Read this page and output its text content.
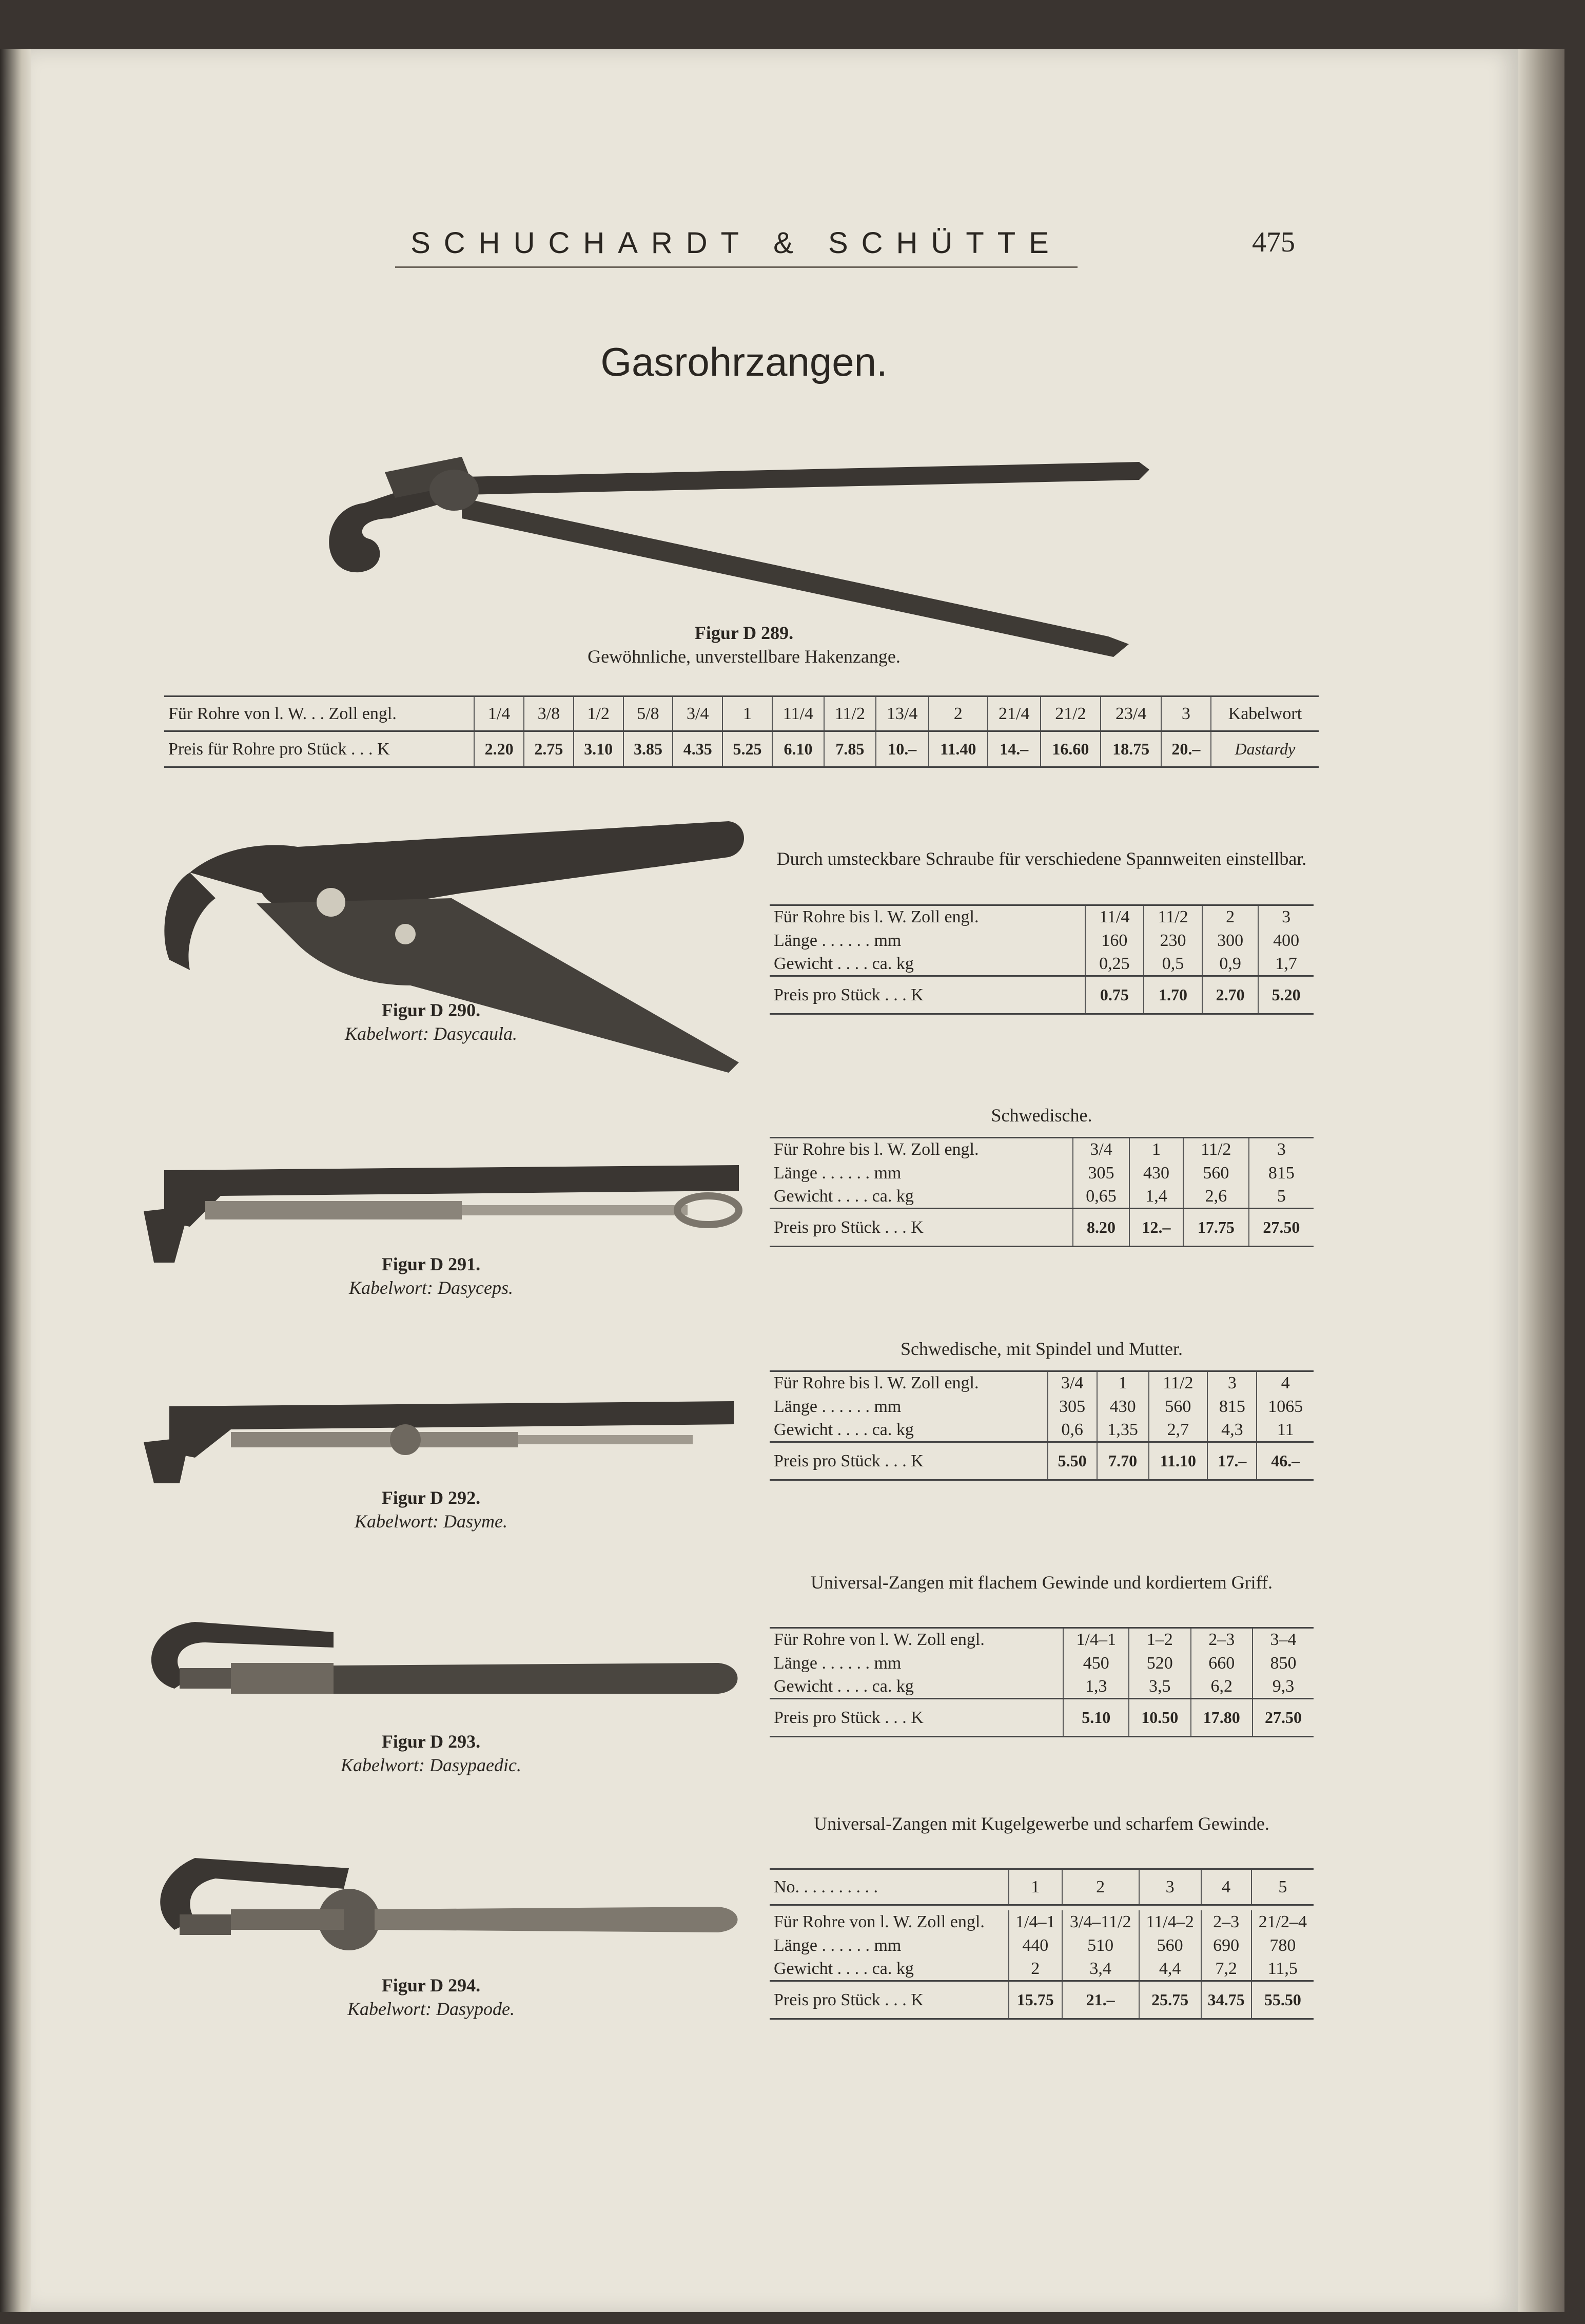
SCHUCHARDT & SCHÜTTE	475
Gasrohrzangen.
Figur D 289.
Gewöhnliche, unverstellbare Hakenzange.
Für Rohre von l. W. . . Zoll engl.	1/4	3/8	1/2	5/8	3/4	1	11/4	11/2	13/4	2	21/4	21/2	23/4	3	Kabelwort
Preis für Rohre pro Stück . . . K	2.20	2.75	3.10	3.85	4.35	5.25	6.10	7.85	10.–	11.40	14.–	16.60	18.75	20.–	Dastardy
Figur D 290.
Kabelwort: Dasycaula.
Durch umsteckbare Schraube für verschiedene Spannweiten einstellbar.
Für Rohre bis l. W. Zoll engl.	11/4	11/2	2	3
Länge . . . . . . mm	160	230	300	400
Gewicht . . . . ca. kg	0,25	0,5	0,9	1,7
Preis pro Stück . . . K	0.75	1.70	2.70	5.20
Figur D 291.
Kabelwort: Dasyceps.
Schwedische.
Für Rohre bis l. W. Zoll engl.	3/4	1	11/2	3
Länge . . . . . . mm	305	430	560	815
Gewicht . . . . ca. kg	0,65	1,4	2,6	5
Preis pro Stück . . . K	8.20	12.–	17.75	27.50
Figur D 292.
Kabelwort: Dasyme.
Schwedische, mit Spindel und Mutter.
Für Rohre bis l. W. Zoll engl.	3/4	1	11/2	3	4
Länge . . . . . . mm	305	430	560	815	1065
Gewicht . . . . ca. kg	0,6	1,35	2,7	4,3	11
Preis pro Stück . . . K	5.50	7.70	11.10	17.–	46.–
Figur D 293.
Kabelwort: Dasypaedic.
Universal-Zangen mit flachem Gewinde und kordiertem Griff.
Für Rohre von l. W. Zoll engl.	1/4–1	1–2	2–3	3–4
Länge . . . . . . mm	450	520	660	850
Gewicht . . . . ca. kg	1,3	3,5	6,2	9,3
Preis pro Stück . . . K	5.10	10.50	17.80	27.50
Figur D 294.
Kabelwort: Dasypode.
Universal-Zangen mit Kugelgewerbe und scharfem Gewinde.
No. . . . . . . . . .	1	2	3	4	5

Für Rohre von l. W. Zoll engl.	1/4–1	3/4–11/2	11/4–2	2–3	21/2–4
Länge . . . . . . mm	440	510	560	690	780
Gewicht . . . . ca. kg	2	3,4	4,4	7,2	11,5
Preis pro Stück . . . K	15.75	21.–	25.75	34.75	55.50
